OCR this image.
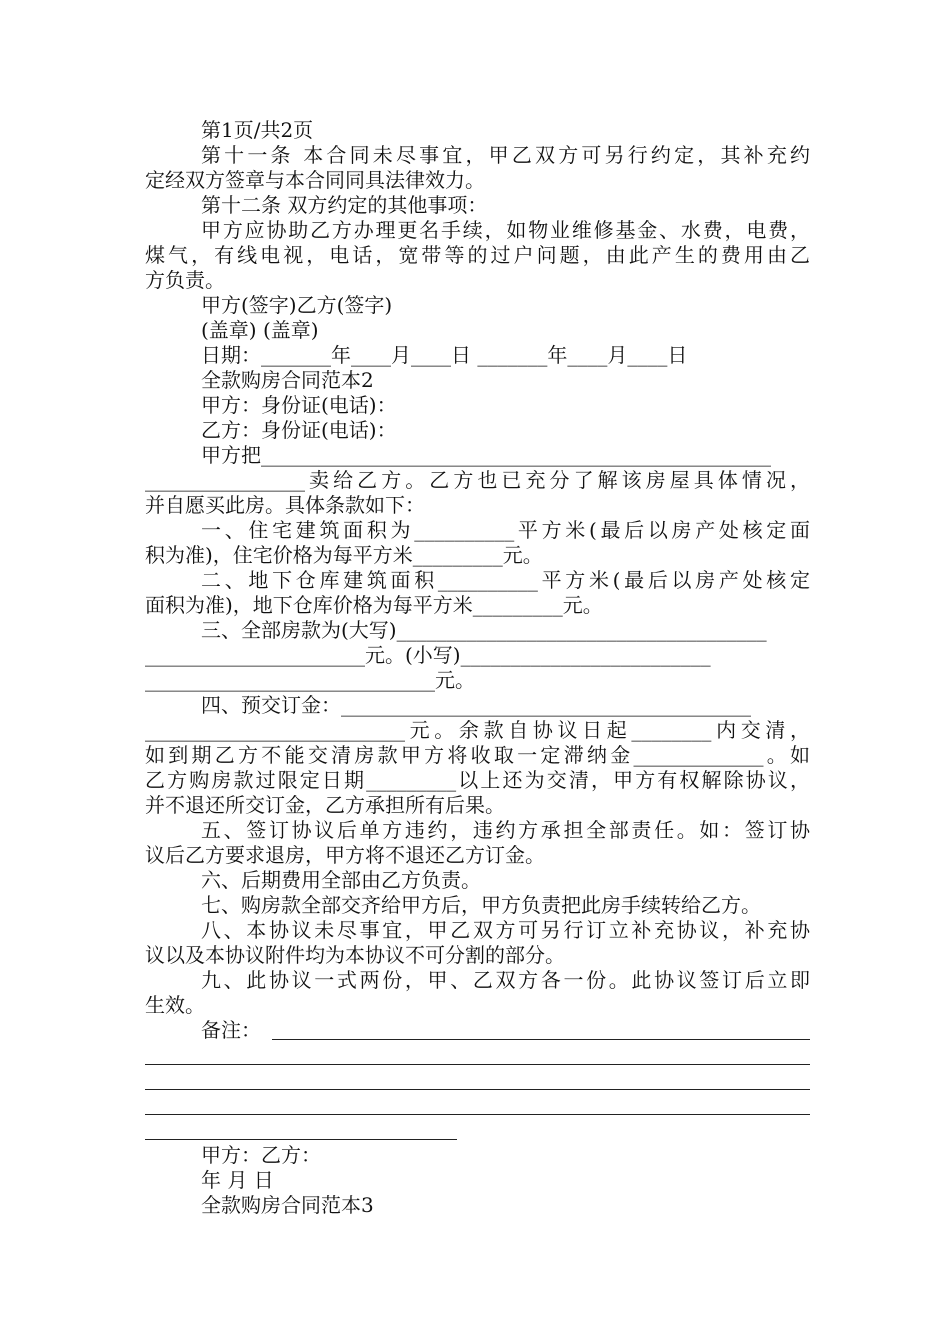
第1页/共2页
第十一条 本合同未尽事宜，甲乙双方可另行约定，其补充约
定经双方签章与本合同同具法律效力。
第十二条 双方约定的其他事项：
甲方应协助乙方办理更名手续，如物业维修基金、水费，电费，
煤气，有线电视，电话，宽带等的过户问题，由此产生的费用由乙
方负责。
甲方(签字)乙方(签字)
(盖章) (盖章)
日期：_______年____月____日 _______年____月____日
全款购房合同范本2
甲方：身份证(电话)：
乙方：身份证(电话)：
甲方把___________________________________________________
________________卖给乙方。乙方也已充分了解该房屋具体情况，
并自愿买此房。具体条款如下：
一、住宅建筑面积为__________平方米(最后以房产处核定面
积为准)，住宅价格为每平方米_________元。
二、地下仓库建筑面积__________平方米(最后以房产处核定
面积为准)，地下仓库价格为每平方米_________元。
三、全部房款为(大写)_____________________________________
______________________元。(小写)_________________________
_____________________________元。
四、预交订金：_________________________________________
__________________________元。余款自协议日起________内交清，
如到期乙方不能交清房款甲方将收取一定滞纳金_____________。如
乙方购房款过限定日期_________以上还为交清，甲方有权解除协议，
并不退还所交订金，乙方承担所有后果。
五、签订协议后单方违约，违约方承担全部责任。如：签订协
议后乙方要求退房，甲方将不退还乙方订金。
六、后期费用全部由乙方负责。
七、购房款全部交齐给甲方后，甲方负责把此房手续转给乙方。
八、本协议未尽事宜，甲乙双方可另行订立补充协议，补充协
议以及本协议附件均为本协议不可分割的部分。
九、此协议一式两份，甲、乙双方各一份。此协议签订后立即
生效。
备注：
甲方：乙方：
年 月 日
全款购房合同范本3
